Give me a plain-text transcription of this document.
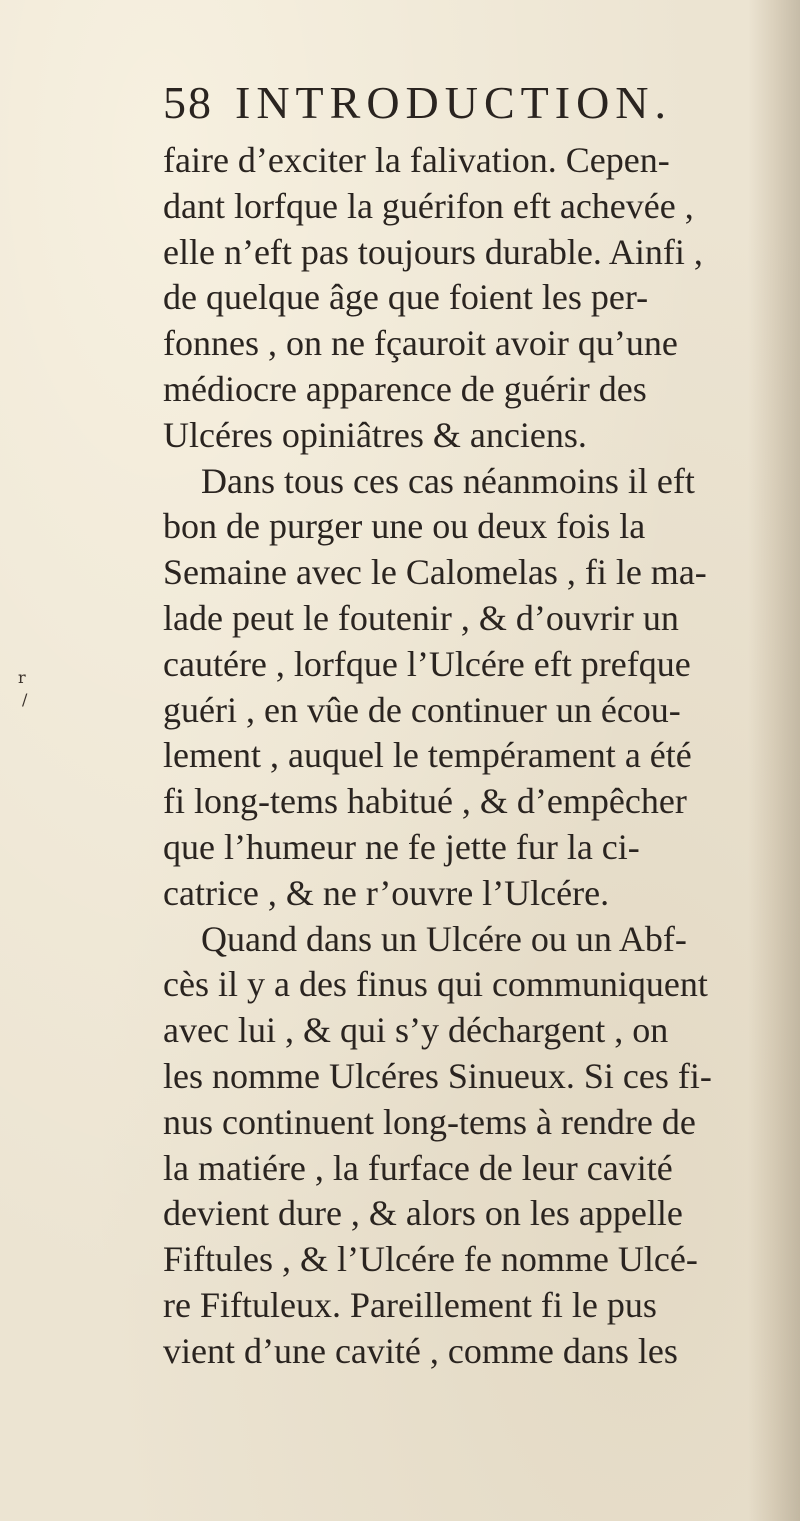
r
/
58 INTRODUCTION.
faire d’exciter la falivation. Cepen-
dant lorfque la guérifon eft achevée ,
elle n’eft pas toujours durable. Ainfi ,
de quelque âge que foient les per-
fonnes , on ne fçauroit avoir qu’une
médiocre apparence de guérir des
Ulcéres opiniâtres & anciens.
Dans tous ces cas néanmoins il eft
bon de purger une ou deux fois la
Semaine avec le Calomelas , fi le ma-
lade peut le foutenir , & d’ouvrir un
cautére , lorfque l’Ulcére eft prefque
guéri , en vûe de continuer un écou-
lement , auquel le tempérament a été
fi long-tems habitué , & d’empêcher
que l’humeur ne fe jette fur la ci-
catrice , & ne r’ouvre l’Ulcére.
Quand dans un Ulcére ou un Abf-
cès il y a des finus qui communiquent
avec lui , & qui s’y déchargent , on
les nomme Ulcéres Sinueux. Si ces fi-
nus continuent long-tems à rendre de
la matiére , la furface de leur cavité
devient dure , & alors on les appelle
Fiftules , & l’Ulcére fe nomme Ulcé-
re Fiftuleux. Pareillement fi le pus
vient d’une cavité , comme dans les
